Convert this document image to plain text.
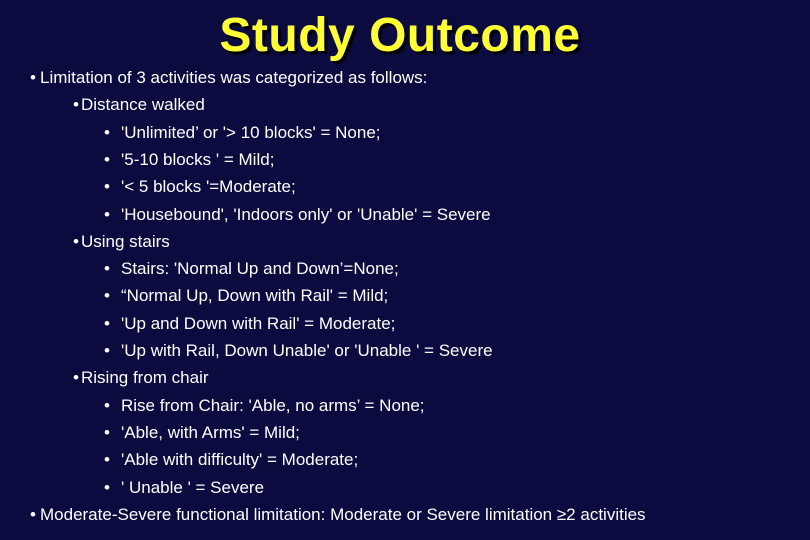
Study Outcome
• Limitation of 3 activities was categorized as follows:
• Distance walked
• 'Unlimited’ or '> 10 blocks' = None;
• '5-10 blocks ' = Mild;
• '< 5 blocks '=Moderate;
• 'Housebound', 'Indoors only' or 'Unable' = Severe
• Using stairs
• Stairs: 'Normal Up and Down’=None;
• “Normal Up, Down with Rail' = Mild;
• 'Up and Down with Rail' = Moderate;
• 'Up with Rail, Down Unable' or 'Unable ' = Severe
• Rising from chair
• Rise from Chair: 'Able, no arms’ = None;
• 'Able, with Arms' = Mild;
• 'Able with difficulty' = Moderate;
• ' Unable ' = Severe
• Moderate-Severe functional limitation: Moderate or Severe limitation ≥2 activities
